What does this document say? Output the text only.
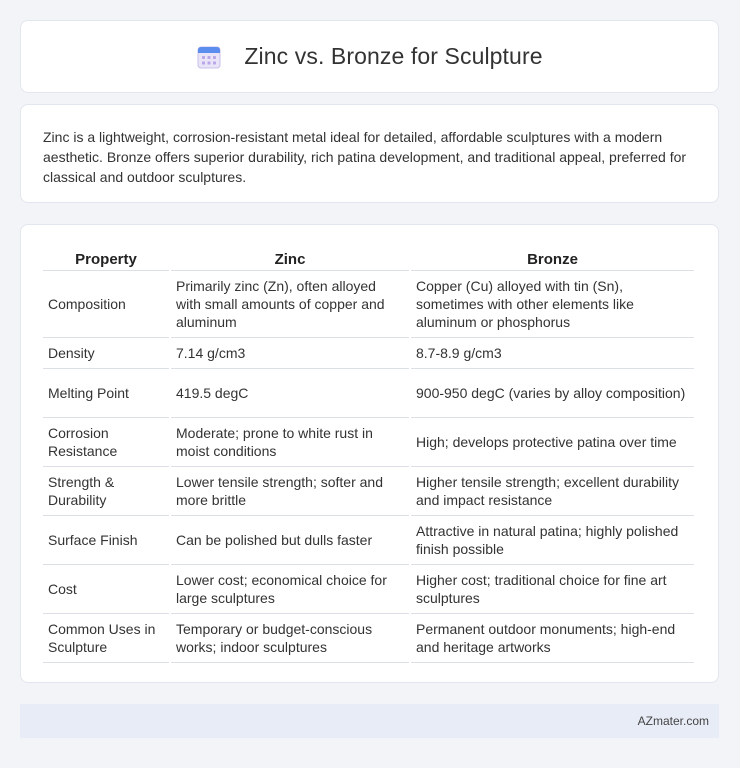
Zinc vs. Bronze for Sculpture

Zinc is a lightweight, corrosion-resistant metal ideal for detailed, affordable sculptures with a modern aesthetic. Bronze offers superior durability, rich patina development, and traditional appeal, preferred for classical and outdoor sculptures.

Property	Zinc	Bronze
Composition	Primarily zinc (Zn), often alloyed with small amounts of copper and aluminum	Copper (Cu) alloyed with tin (Sn), sometimes with other elements like aluminum or phosphorus
Density	7.14 g/cm3	8.7-8.9 g/cm3
Melting Point	419.5 degC	900-950 degC (varies by alloy composition)
Corrosion Resistance	Moderate; prone to white rust in moist conditions	High; develops protective patina over time
Strength & Durability	Lower tensile strength; softer and more brittle	Higher tensile strength; excellent durability and impact resistance
Surface Finish	Can be polished but dulls faster	Attractive in natural patina; highly polished finish possible
Cost	Lower cost; economical choice for large sculptures	Higher cost; traditional choice for fine art sculptures
Common Uses in Sculpture	Temporary or budget-conscious works; indoor sculptures	Permanent outdoor monuments; high-end and heritage artworks
AZmater.com
